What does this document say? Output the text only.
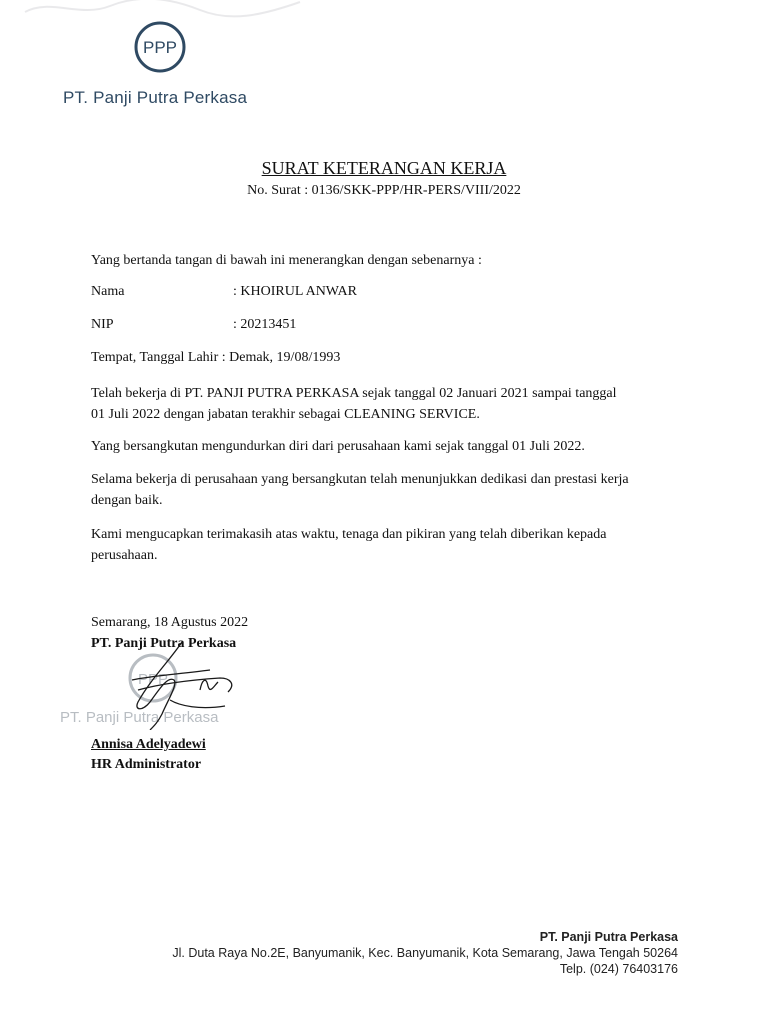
PPP
PT. Panji Putra Perkasa
SURAT KETERANGAN KERJA
No. Surat : 0136/SKK-PPP/HR-PERS/VIII/2022
Yang bertanda tangan di bawah ini menerangkan dengan sebenarnya :
Nama	: KHOIRUL ANWAR
NIP	: 20213451
Tempat, Tanggal Lahir : Demak, 19/08/1993
Telah bekerja di PT. PANJI PUTRA PERKASA sejak tanggal 02 Januari 2021 sampai tanggal
01 Juli 2022 dengan jabatan terakhir sebagai CLEANING SERVICE.
Yang bersangkutan mengundurkan diri dari perusahaan kami sejak tanggal 01 Juli 2022.
Selama bekerja di perusahaan yang bersangkutan telah menunjukkan dedikasi dan prestasi kerja
dengan baik.
Kami mengucapkan terimakasih atas waktu, tenaga dan pikiran yang telah diberikan kepada
perusahaan.
Semarang, 18 Agustus 2022
PT. Panji Putra Perkasa
PPP
PT. Panji Putra Perkasa
Annisa Adelyadewi
HR Administrator
PT. Panji Putra Perkasa
Jl. Duta Raya No.2E, Banyumanik, Kec. Banyumanik, Kota Semarang, Jawa Tengah 50264
Telp. (024) 76403176
